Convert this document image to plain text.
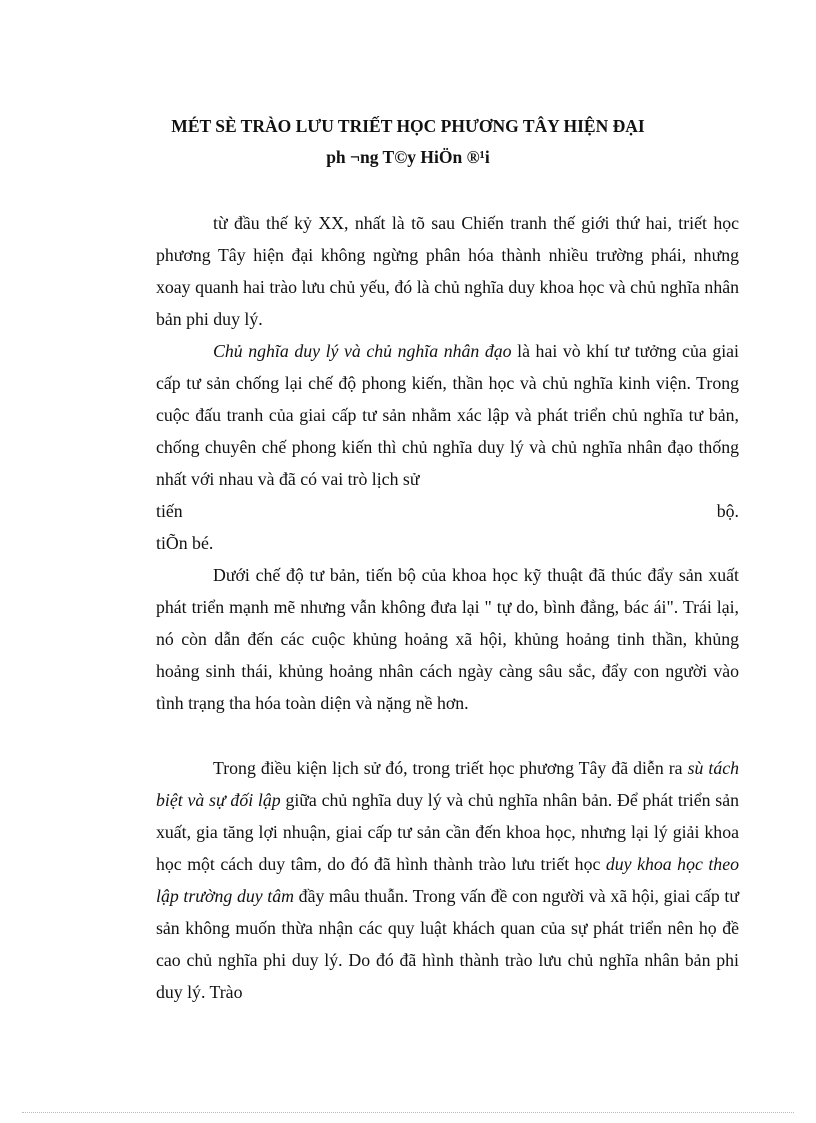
MÉT SÈ TRÀO LƯU TRIẾT HỌC PHƯƠNG TÂY HIỆN ĐẠI
ph ¬ng T©y HiÖn ®¹i

từ đầu thế kỷ XX, nhất là tõ sau Chiến tranh thế giới thứ hai, triết học phương Tây hiện đại không ngừng phân hóa thành nhiều trường phái, nhưng xoay quanh hai trào lưu chủ yếu, đó là chủ nghĩa duy khoa học và chủ nghĩa nhân bản phi duy lý.

Chủ nghĩa duy lý và chủ nghĩa nhân đạo là hai vò khí tư tưởng của giai cấp tư sản chống lại chế độ phong kiến, thần học và chủ nghĩa kinh viện. Trong cuộc đấu tranh của giai cấp tư sản nhằm xác lập và phát triển chủ nghĩa tư bản, chống chuyên chế phong kiến thì chủ nghĩa duy lý và chủ nghĩa nhân đạo thống nhất với nhau và đã có vai trò lịch sử

tiến	bộ.
tiÕn bé.

Dưới chế độ tư bản, tiến bộ của khoa học kỹ thuật đã thúc đẩy sản xuất phát triển mạnh mẽ nhưng vẫn không đưa lại " tự do, bình đẳng, bác ái". Trái lại, nó còn dẫn đến các cuộc khủng hoảng xã hội, khủng hoảng tinh thần, khủng hoảng sinh thái, khủng hoảng nhân cách ngày càng sâu sắc, đẩy con người vào tình trạng tha hóa toàn diện và nặng nề hơn.

Trong điều kiện lịch sử đó, trong triết học phương Tây đã diễn ra sù tách biệt và sự đối lập giữa chủ nghĩa duy lý và chủ nghĩa nhân bản. Để phát triển sản xuất, gia tăng lợi nhuận, giai cấp tư sản cần đến khoa học, nhưng lại lý giải khoa học một cách duy tâm, do đó đã hình thành trào lưu triết học duy khoa học theo lập trường duy tâm đầy mâu thuẫn. Trong vấn đề con người và xã hội, giai cấp tư sản không muốn thừa nhận các quy luật khách quan của sự phát triển nên họ đề cao chủ nghĩa phi duy lý. Do đó đã hình thành trào lưu chủ nghĩa nhân bản phi duy lý. Trào
